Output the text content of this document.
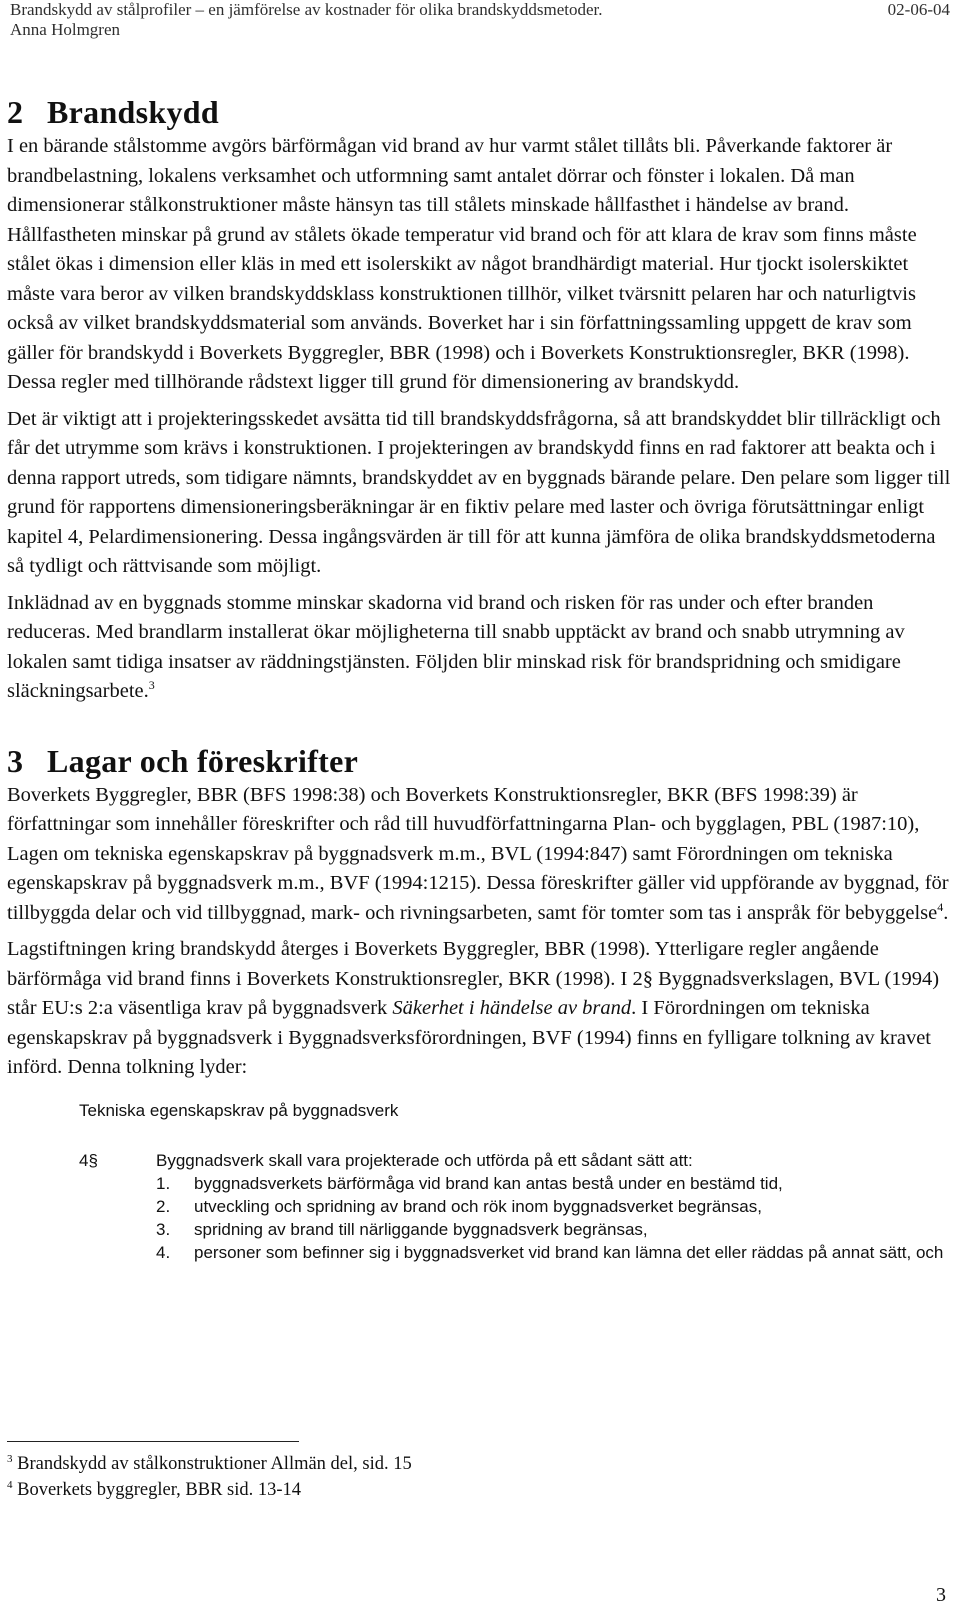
Brandskydd av stålprofiler – en jämförelse av kostnader för olika brandskyddsmetoder.	02-06-04
Anna Holmgren
2 Brandskydd

I en bärande stålstomme avgörs bärförmågan vid brand av hur varmt stålet tillåts bli. Påverkande faktorer är brandbelastning, lokalens verksamhet och utformning samt antalet dörrar och fönster i lokalen. Då man dimensionerar stålkonstruktioner måste hänsyn tas till stålets minskade hållfasthet i händelse av brand. Hållfastheten minskar på grund av stålets ökade temperatur vid brand och för att klara de krav som finns måste stålet ökas i dimension eller kläs in med ett isolerskikt av något brandhärdigt material. Hur tjockt isolerskiktet måste vara beror av vilken brandskyddsklass konstruktionen tillhör, vilket tvärsnitt pelaren har och naturligtvis också av vilket brandskyddsmaterial som används. Boverket har i sin författningssamling uppgett de krav som gäller för brandskydd i Boverkets Byggregler, BBR (1998) och i Boverkets Konstruktionsregler, BKR (1998). Dessa regler med tillhörande rådstext ligger till grund för dimensionering av brandskydd.

Det är viktigt att i projekteringsskedet avsätta tid till brandskyddsfrågorna, så att brandskyddet blir tillräckligt och får det utrymme som krävs i konstruktionen. I projekteringen av brandskydd finns en rad faktorer att beakta och i denna rapport utreds, som tidigare nämnts, brandskyddet av en byggnads bärande pelare. Den pelare som ligger till grund för rapportens dimensioneringsberäkningar är en fiktiv pelare med laster och övriga förutsättningar enligt kapitel 4, Pelardimensionering. Dessa ingångsvärden är till för att kunna jämföra de olika brandskyddsmetoderna så tydligt och rättvisande som möjligt.

Inklädnad av en byggnads stomme minskar skadorna vid brand och risken för ras under och efter branden reduceras. Med brandlarm installerat ökar möjligheterna till snabb upptäckt av brand och snabb utrymning av lokalen samt tidiga insatser av räddningstjänsten. Följden blir minskad risk för brandspridning och smidigare släckningsarbete.$^3$

3 Lagar och föreskrifter

Boverkets Byggregler, BBR (BFS 1998:38) och Boverkets Konstruktionsregler, BKR (BFS 1998:39) är författningar som innehåller föreskrifter och råd till huvudförfattningarna Plan- och bygglagen, PBL (1987:10), Lagen om tekniska egenskapskrav på byggnadsverk m.m., BVL (1994:847) samt Förordningen om tekniska egenskapskrav på byggnadsverk m.m., BVF (1994:1215). Dessa föreskrifter gäller vid uppförande av byggnad, för tillbyggda delar och vid tillbyggnad, mark- och rivningsarbeten, samt för tomter som tas i anspråk för bebyggelse$^4$.

Lagstiftningen kring brandskydd återges i Boverkets Byggregler, BBR (1998). Ytterligare regler angående bärförmåga vid brand finns i Boverkets Konstruktionsregler, BKR (1998). I 2§ Byggnadsverkslagen, BVL (1994) står EU:s 2:a väsentliga krav på byggnadsverk Säkerhet i händelse av brand. I Förordningen om tekniska egenskapskrav på byggnadsverk i Byggnadsverksförordningen, BVF (1994) finns en fylligare tolkning av kravet införd. Denna tolkning lyder:

Tekniska egenskapskrav på byggnadsverk
4§	Byggnadsverk skall vara projekterade och utförda på ett sådant sätt att:
1.	byggnadsverkets bärförmåga vid brand kan antas bestå under en bestämd tid,
2.	utveckling och spridning av brand och rök inom byggnadsverket begränsas,
3.	spridning av brand till närliggande byggnadsverk begränsas,
4.	personer som befinner sig i byggnadsverket vid brand kan lämna det eller räddas på annat sätt, och
$^3$ Brandskydd av stålkonstruktioner Allmän del, sid. 15
$^4$ Boverkets byggregler, BBR sid. 13-14
3
